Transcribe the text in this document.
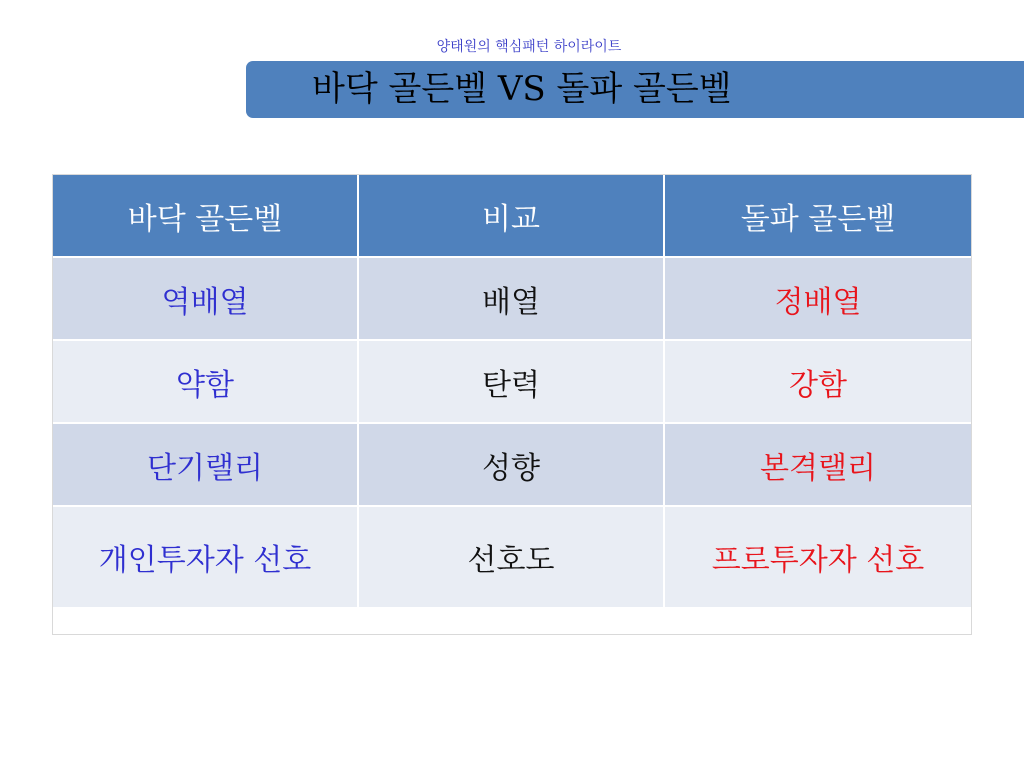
양태원의 핵심패턴 하이라이트
바닥 골든벨 VS 돌파 골든벨
바닥 골든벨	비교	돌파 골든벨
역배열	배열	정배열
약함	탄력	강함
단기랠리	성향	본격랠리
개인투자자 선호	선호도	프로투자자 선호
